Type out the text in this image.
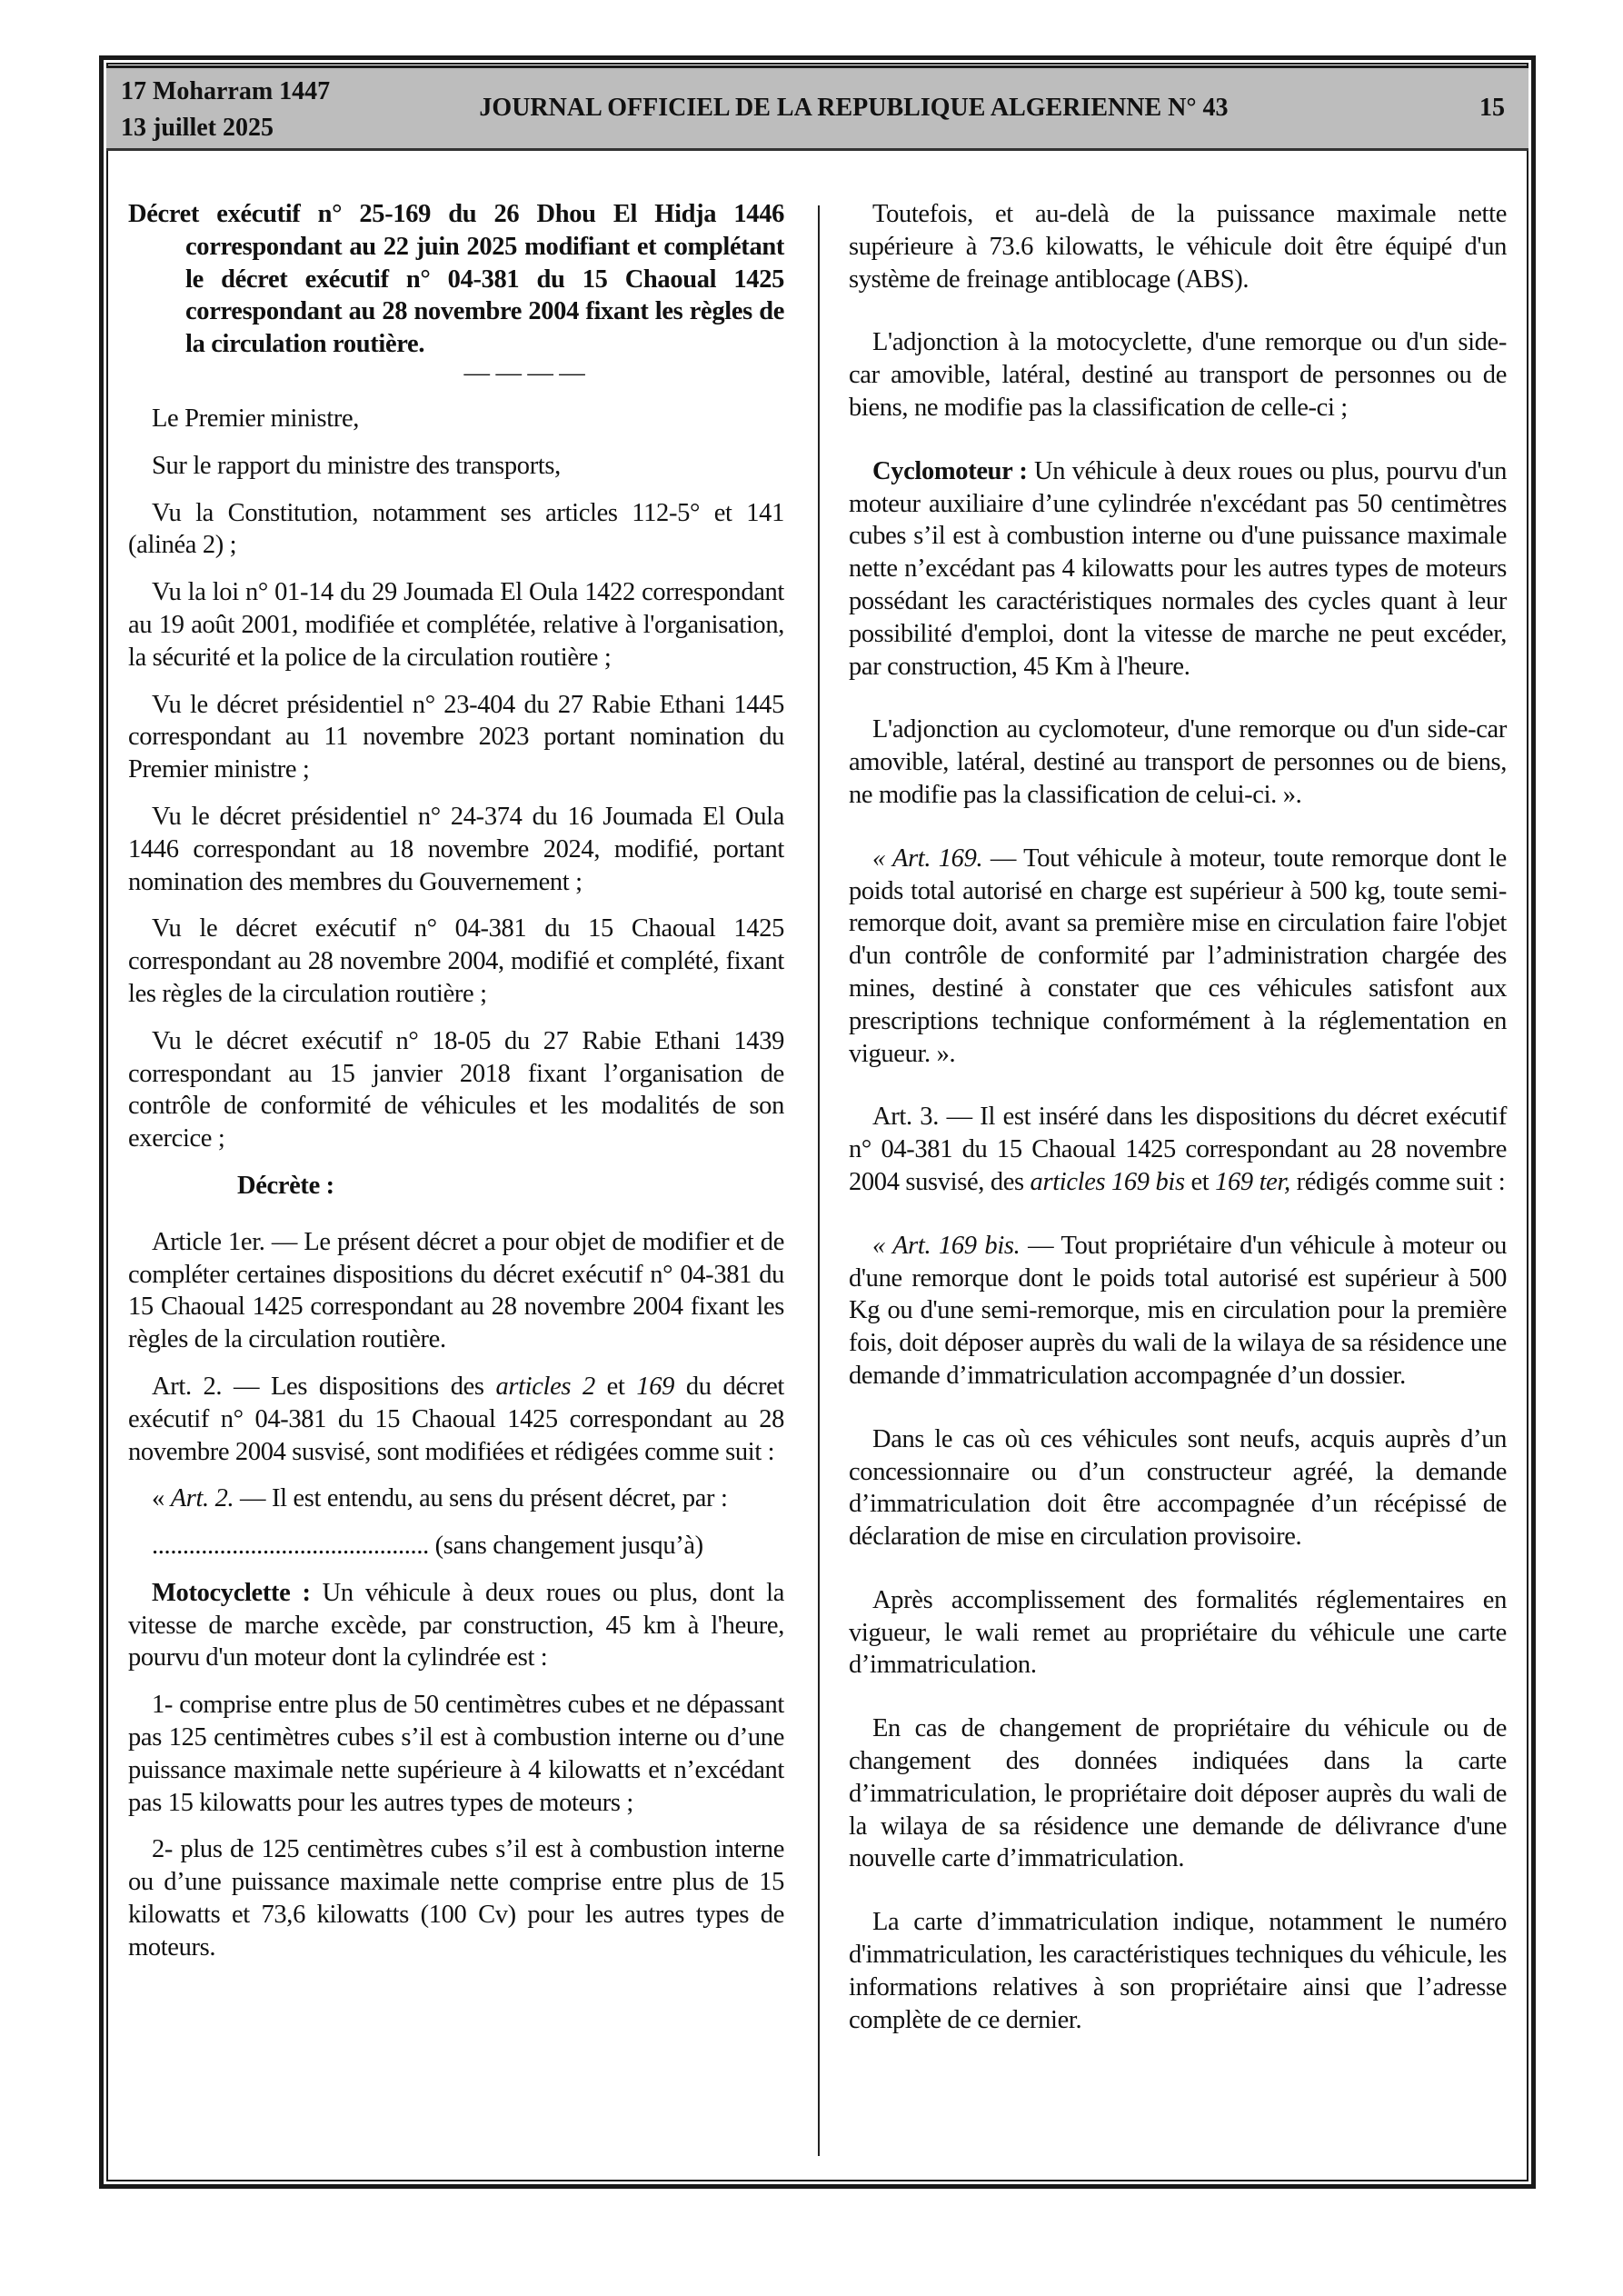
17 Moharram 1447
13 juillet 2025
JOURNAL OFFICIEL DE LA REPUBLIQUE ALGERIENNE N° 43	15

Décret exécutif n° 25-169 du 26 Dhou El Hidja 1446 correspondant au 22 juin 2025 modifiant et complétant le décret exécutif n° 04-381 du 15 Chaoual 1425 correspondant au 28 novembre 2004 fixant les règles de la circulation routière.

— — — —

Le Premier ministre,

Sur le rapport du ministre des transports,

Vu la Constitution, notamment ses articles 112-5° et 141 (alinéa 2) ;

Vu la loi n° 01-14 du 29 Joumada El Oula 1422 correspondant au 19 août 2001, modifiée et complétée, relative à l'organisation, la sécurité et la police de la circulation routière ;

Vu le décret présidentiel n° 23-404 du 27 Rabie Ethani 1445 correspondant au 11 novembre 2023 portant nomination du Premier ministre ;

Vu le décret présidentiel n° 24-374 du 16 Joumada El Oula 1446 correspondant au 18 novembre 2024, modifié, portant nomination des membres du Gouvernement ;

Vu le décret exécutif n° 04-381 du 15 Chaoual 1425 correspondant au 28 novembre 2004, modifié et complété, fixant les règles de la circulation routière ;

Vu le décret exécutif n° 18-05 du 27 Rabie Ethani 1439 correspondant au 15 janvier 2018 fixant l’organisation de contrôle de conformité de véhicules et les modalités de son exercice ;

Décrète :

Article 1er. — Le présent décret a pour objet de modifier et de compléter certaines dispositions du décret exécutif n° 04-381 du 15 Chaoual 1425 correspondant au 28 novembre 2004 fixant les règles de la circulation routière.

Art. 2. — Les dispositions des articles 2 et 169 du décret exécutif n° 04-381 du 15 Chaoual 1425 correspondant au 28 novembre 2004 susvisé, sont modifiées et rédigées comme suit :

« Art. 2. — Il est entendu, au sens du présent décret, par :

............................................. (sans changement jusqu’à)

Motocyclette : Un véhicule à deux roues ou plus, dont la vitesse de marche excède, par construction, 45 km à l'heure, pourvu d'un moteur dont la cylindrée est :

1- comprise entre plus de 50 centimètres cubes et ne dépassant pas 125 centimètres cubes s’il est à combustion interne ou d’une puissance maximale nette supérieure à 4 kilowatts et n’excédant pas 15 kilowatts pour les autres types de moteurs ;

2- plus de 125 centimètres cubes s’il est à combustion interne ou d’une puissance maximale nette comprise entre plus de 15 kilowatts et 73,6 kilowatts (100 Cv) pour les autres types de moteurs.

Toutefois, et au-delà de la puissance maximale nette supérieure à 73.6 kilowatts, le véhicule doit être équipé d'un système de freinage antiblocage (ABS).

L'adjonction à la motocyclette, d'une remorque ou d'un side-car amovible, latéral, destiné au transport de personnes ou de biens, ne modifie pas la classification de celle-ci ;

Cyclomoteur : Un véhicule à deux roues ou plus, pourvu d'un moteur auxiliaire d’une cylindrée n'excédant pas 50 centimètres cubes s’il est à combustion interne ou d'une puissance maximale nette n’excédant pas 4 kilowatts pour les autres types de moteurs possédant les caractéristiques normales des cycles quant à leur possibilité d'emploi, dont la vitesse de marche ne peut excéder, par construction, 45 Km à l'heure.

L'adjonction au cyclomoteur, d'une remorque ou d'un side-car amovible, latéral, destiné au transport de personnes ou de biens, ne modifie pas la classification de celui-ci. ».

« Art. 169. — Tout véhicule à moteur, toute remorque dont le poids total autorisé en charge est supérieur à 500 kg, toute semi-remorque doit, avant sa première mise en circulation faire l'objet d'un contrôle de conformité par l’administration chargée des mines, destiné à constater que ces véhicules satisfont aux prescriptions technique conformément à la réglementation en vigueur. ».

Art. 3. — Il est inséré dans les dispositions du décret exécutif n° 04-381 du 15 Chaoual 1425 correspondant au 28 novembre 2004 susvisé, des articles 169 bis et 169 ter, rédigés comme suit :

« Art. 169 bis. — Tout propriétaire d'un véhicule à moteur ou d'une remorque dont le poids total autorisé est supérieur à 500 Kg ou d'une semi-remorque, mis en circulation pour la première fois, doit déposer auprès du wali de la wilaya de sa résidence une demande d’immatriculation accompagnée d’un dossier.

Dans le cas où ces véhicules sont neufs, acquis auprès d’un concessionnaire ou d’un constructeur agréé, la demande d’immatriculation doit être accompagnée d’un récépissé de déclaration de mise en circulation provisoire.

Après accomplissement des formalités réglementaires en vigueur, le wali remet au propriétaire du véhicule une carte d’immatriculation.

En cas de changement de propriétaire du véhicule ou de changement des données indiquées dans la carte d’immatriculation, le propriétaire doit déposer auprès du wali de la wilaya de sa résidence une demande de délivrance d'une nouvelle carte d’immatriculation.

La carte d’immatriculation indique, notamment le numéro d'immatriculation, les caractéristiques techniques du véhicule, les informations relatives à son propriétaire ainsi que l’adresse complète de ce dernier.
